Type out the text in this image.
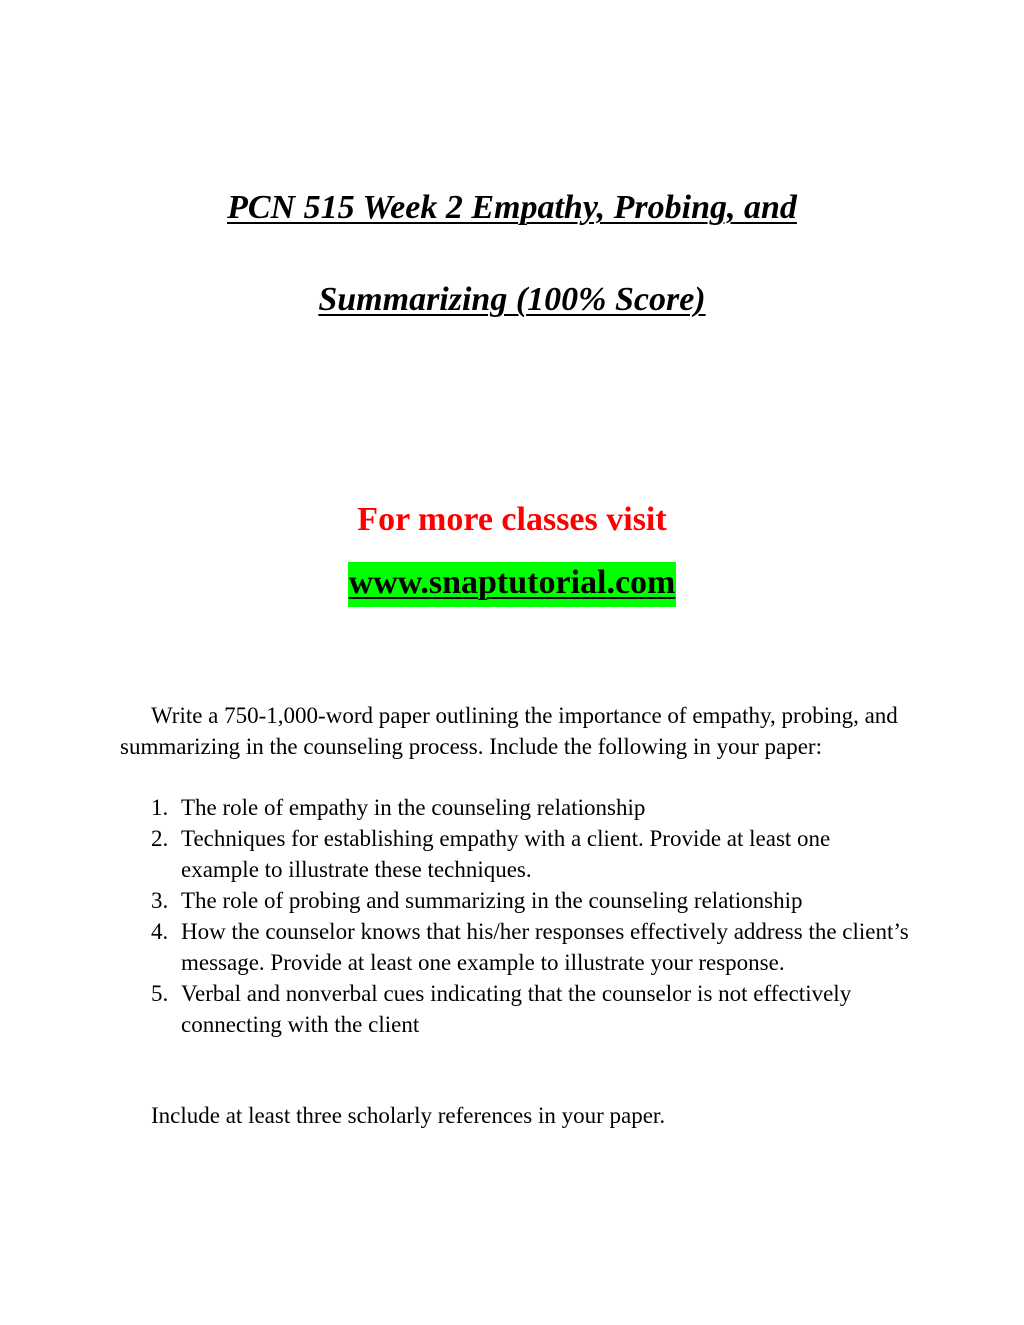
PCN 515 Week 2 Empathy, Probing, and
Summarizing (100% Score)
For more classes visit
www.snaptutorial.com
Write a 750-1,000-word paper outlining the importance of empathy, probing, and summarizing in the counseling process. Include the following in your paper:
1. The role of empathy in the counseling relationship
2. Techniques for establishing empathy with a client. Provide at least one example to illustrate these techniques.
3. The role of probing and summarizing in the counseling relationship
4. How the counselor knows that his/her responses effectively address the client’s message. Provide at least one example to illustrate your response.
5. Verbal and nonverbal cues indicating that the counselor is not effectively connecting with the client
Include at least three scholarly references in your paper.
